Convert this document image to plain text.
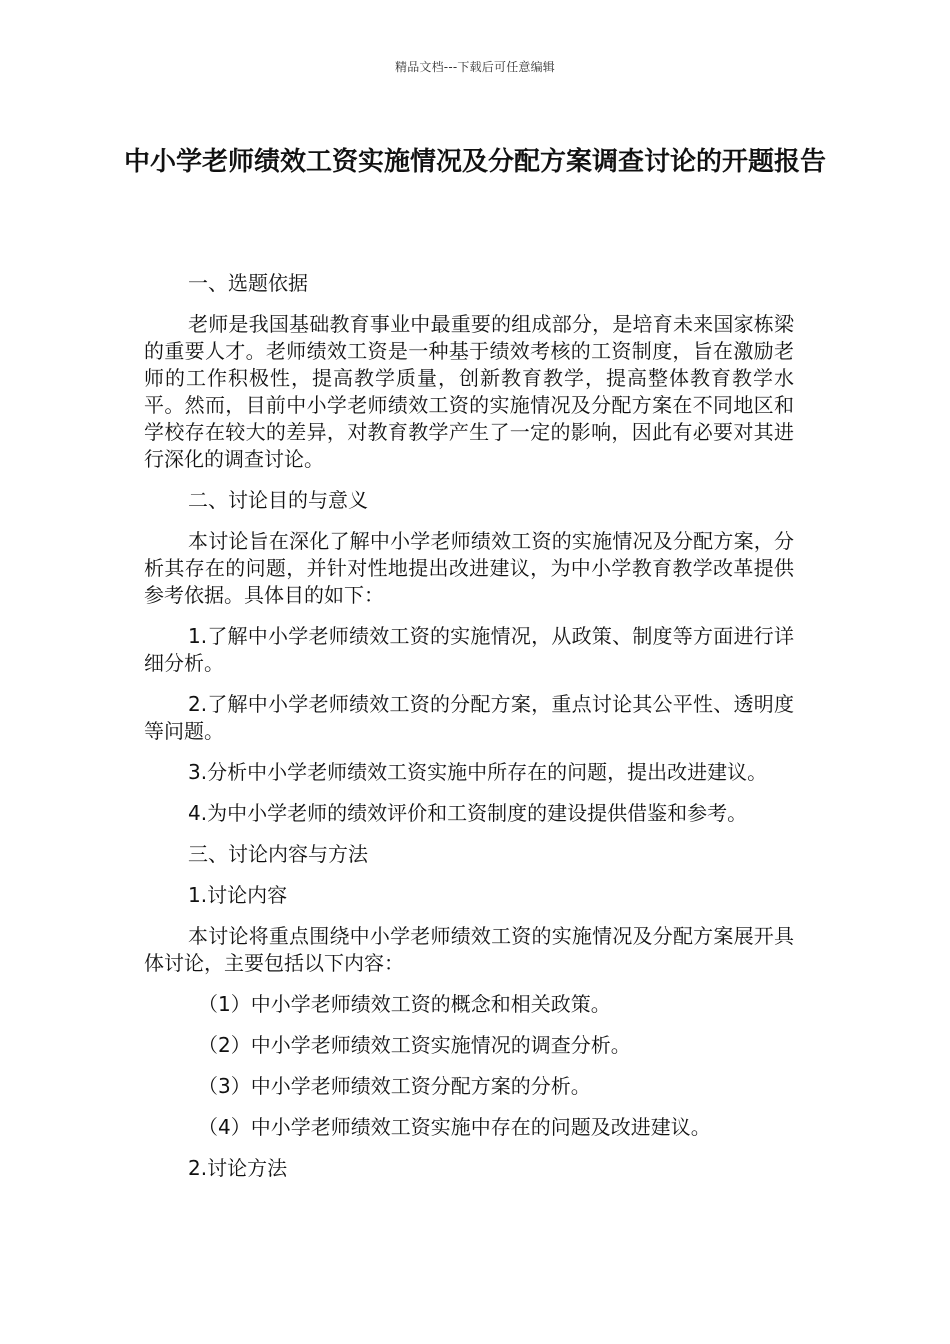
精品文档---下载后可任意编辑
中小学老师绩效工资实施情况及分配方案调查讨论的开题报告
一、选题依据

老师是我国基础教育事业中最重要的组成部分，是培育未来国家栋梁的重要人才。老师绩效工资是一种基于绩效考核的工资制度，旨在激励老师的工作积极性，提高教学质量，创新教育教学，提高整体教育教学水平。然而，目前中小学老师绩效工资的实施情况及分配方案在不同地区和学校存在较大的差异，对教育教学产生了一定的影响，因此有必要对其进行深化的调查讨论。

二、讨论目的与意义

本讨论旨在深化了解中小学老师绩效工资的实施情况及分配方案，分析其存在的问题，并针对性地提出改进建议，为中小学教育教学改革提供参考依据。具体目的如下：

1.了解中小学老师绩效工资的实施情况，从政策、制度等方面进行详细分析。

2.了解中小学老师绩效工资的分配方案，重点讨论其公平性、透明度等问题。

3.分析中小学老师绩效工资实施中所存在的问题，提出改进建议。

4.为中小学老师的绩效评价和工资制度的建设提供借鉴和参考。

三、讨论内容与方法
1.讨论内容

本讨论将重点围绕中小学老师绩效工资的实施情况及分配方案展开具体讨论，主要包括以下内容：

（1）中小学老师绩效工资的概念和相关政策。
（2）中小学老师绩效工资实施情况的调查分析。
（3）中小学老师绩效工资分配方案的分析。
（4）中小学老师绩效工资实施中存在的问题及改进建议。
2.讨论方法
